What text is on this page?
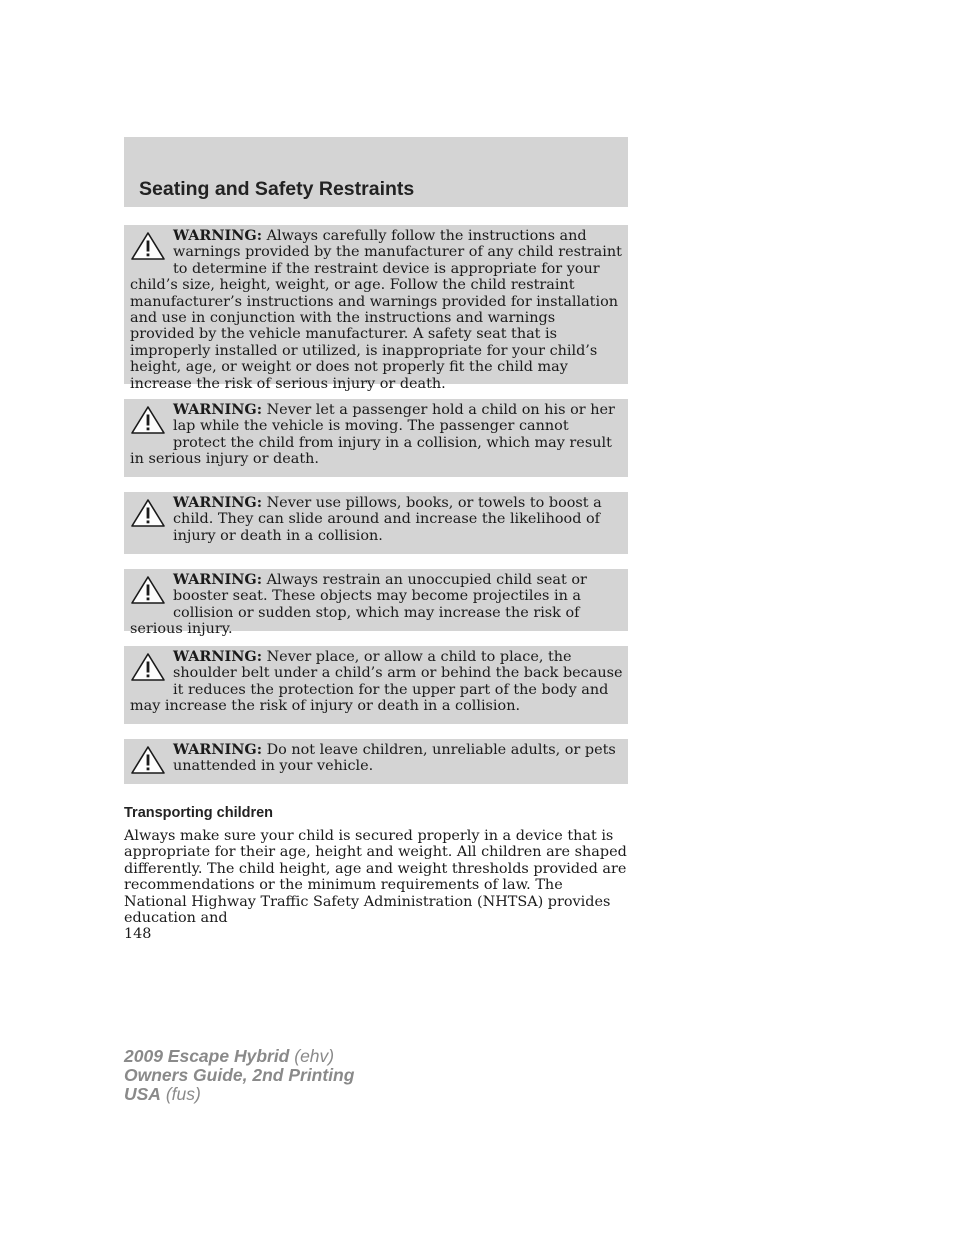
Seating and Safety Restraints
WARNING: Always carefully follow the instructions and warnings provided by the manufacturer of any child restraint to determine if the restraint device is appropriate for your child’s size, height, weight, or age. Follow the child restraint manufacturer’s instructions and warnings provided for installation and use in conjunction with the instructions and warnings provided by the vehicle manufacturer. A safety seat that is improperly installed or utilized, is inappropriate for your child’s height, age, or weight or does not properly fit the child may increase the risk of serious injury or death.
WARNING: Never let a passenger hold a child on his or her lap while the vehicle is moving. The passenger cannot protect the child from injury in a collision, which may result in serious injury or death.
WARNING: Never use pillows, books, or towels to boost a child. They can slide around and increase the likelihood of injury or death in a collision.
WARNING: Always restrain an unoccupied child seat or booster seat. These objects may become projectiles in a collision or sudden stop, which may increase the risk of serious injury.
WARNING: Never place, or allow a child to place, the shoulder belt under a child’s arm or behind the back because it reduces the protection for the upper part of the body and may increase the risk of injury or death in a collision.
WARNING: Do not leave children, unreliable adults, or pets unattended in your vehicle.
Transporting children

Always make sure your child is secured properly in a device that is appropriate for their age, height and weight. All children are shaped differently. The child height, age and weight thresholds provided are recommendations or the minimum requirements of law. The National Highway Traffic Safety Administration (NHTSA) provides education and

148

2009 Escape Hybrid (ehv)
Owners Guide, 2nd Printing
USA (fus)
